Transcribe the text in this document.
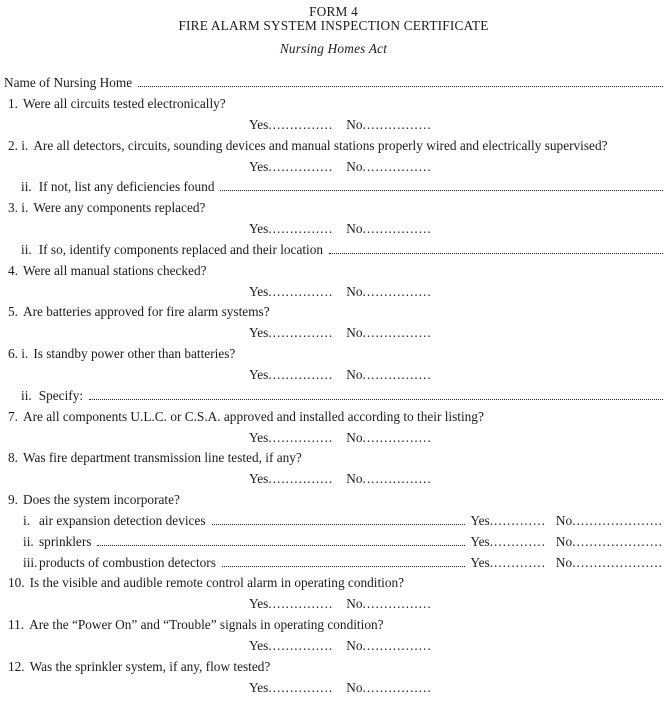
FORM 4
FIRE ALARM SYSTEM INSPECTION CERTIFICATE
Nursing Homes Act
Name of Nursing Home
1. Were all circuits tested electronically?
Yes .....	No .....
2. i. Are all detectors, circuits, sounding devices and manual stations properly wired and electrically supervised?
Yes .....	No .....
ii. If not, list any deficiencies found
3. i. Were any components replaced?
Yes .....	No .....
ii. If so, identify components replaced and their location
4. Were all manual stations checked?
Yes .....	No .....
5. Are batteries approved for fire alarm systems?
Yes .....	No .....
6. i. Is standby power other than batteries?
Yes .....	No .....
ii. Specify:
7. Are all components U.L.C. or C.S.A. approved and installed according to their listing?
Yes .....	No .....
8. Was fire department transmission line tested, if any?
Yes .....	No .....
9. Does the system incorporate?
i. air expansion detection devices	Yes .....	No .....
ii. sprinklers	Yes .....	No .....
iii. products of combustion detectors	Yes .....	No .....
10. Is the visible and audible remote control alarm in operating condition?
Yes .....	No .....
11. Are the “Power On” and “Trouble” signals in operating condition?
Yes .....	No .....
12. Was the sprinkler system, if any, flow tested?
Yes .....	No .....
